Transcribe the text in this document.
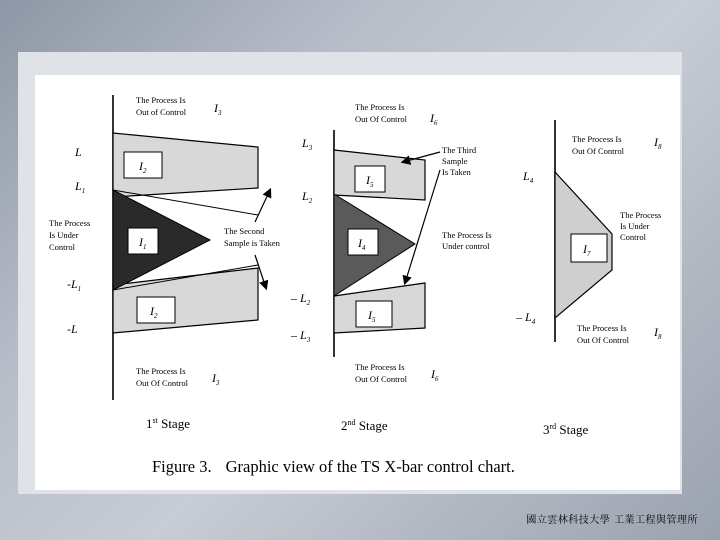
$I_2$
$I_1$
$I_2$
The Process Is
Out of Control $I_3$
The Process Is
Out Of Control $I_3$
The Process
Is Under
Control
L
$L_1$
$-L_1$
-L
The Second
Sample is Taken
$I_5$
$I_4$
$I_5$
The Process Is
Out Of Control $I_6$
The Process Is
Out Of Control $I_6$
$L_3$
$L_2$
– $L_2$
– $L_3$
The Third
Sample
Is Taken
The Process Is
Under control	$I_7$
The Process Is
Out Of Control
$I_8$
The Process Is
Out Of Control
$I_8$
The Process
Is Under
Control
$L_4$
– $L_4$
1st Stage	2nd Stage	3rd Stage
Figure 3. Graphic view of the TS X-bar control chart.
國立雲林科技大學 工業工程與管理所
